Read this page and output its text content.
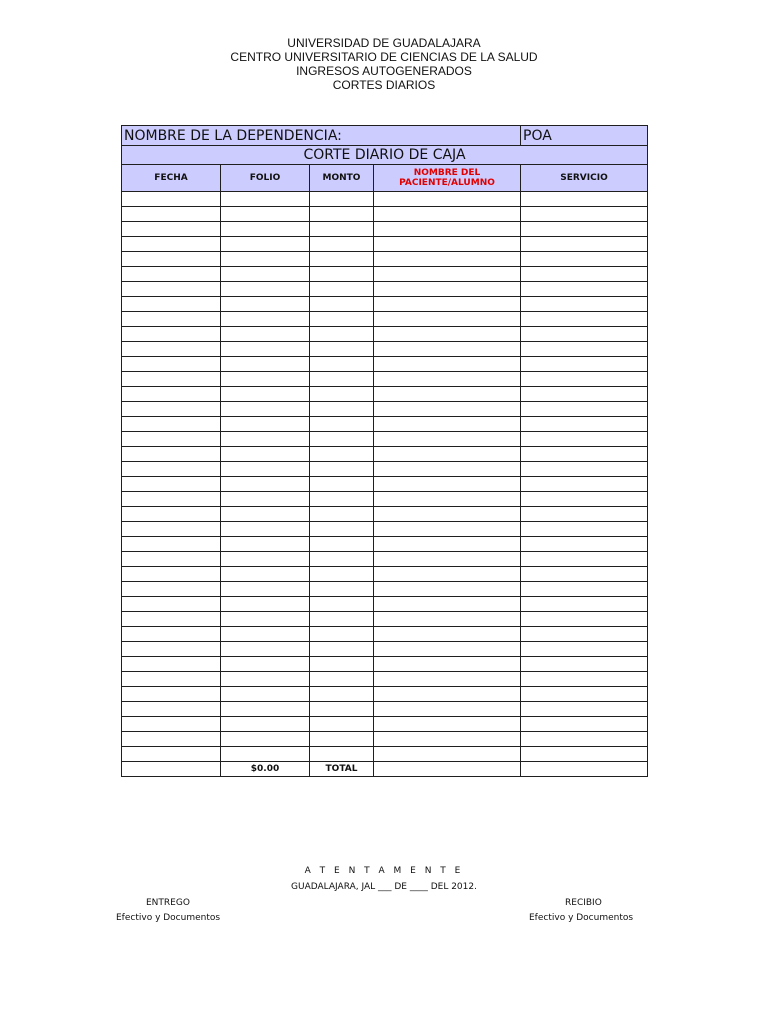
UNIVERSIDAD DE GUADALAJARA
CENTRO UNIVERSITARIO DE CIENCIAS DE LA SALUD
INGRESOS AUTOGENERADOS
CORTES DIARIOS
NOMBRE DE LA DEPENDENCIA:				POA
CORTE DIARIO DE CAJA				
FECHA	FOLIO	MONTO	NOMBRE DEL PACIENTE/ALUMNO	SERVICIO

	$0.00	TOTAL		
A T E N T A M E N T E
GUADALAJARA, JAL ___ DE ____ DEL 2012.
ENTREGO	RECIBIO
Efectivo y Documentos	Efectivo y Documentos
